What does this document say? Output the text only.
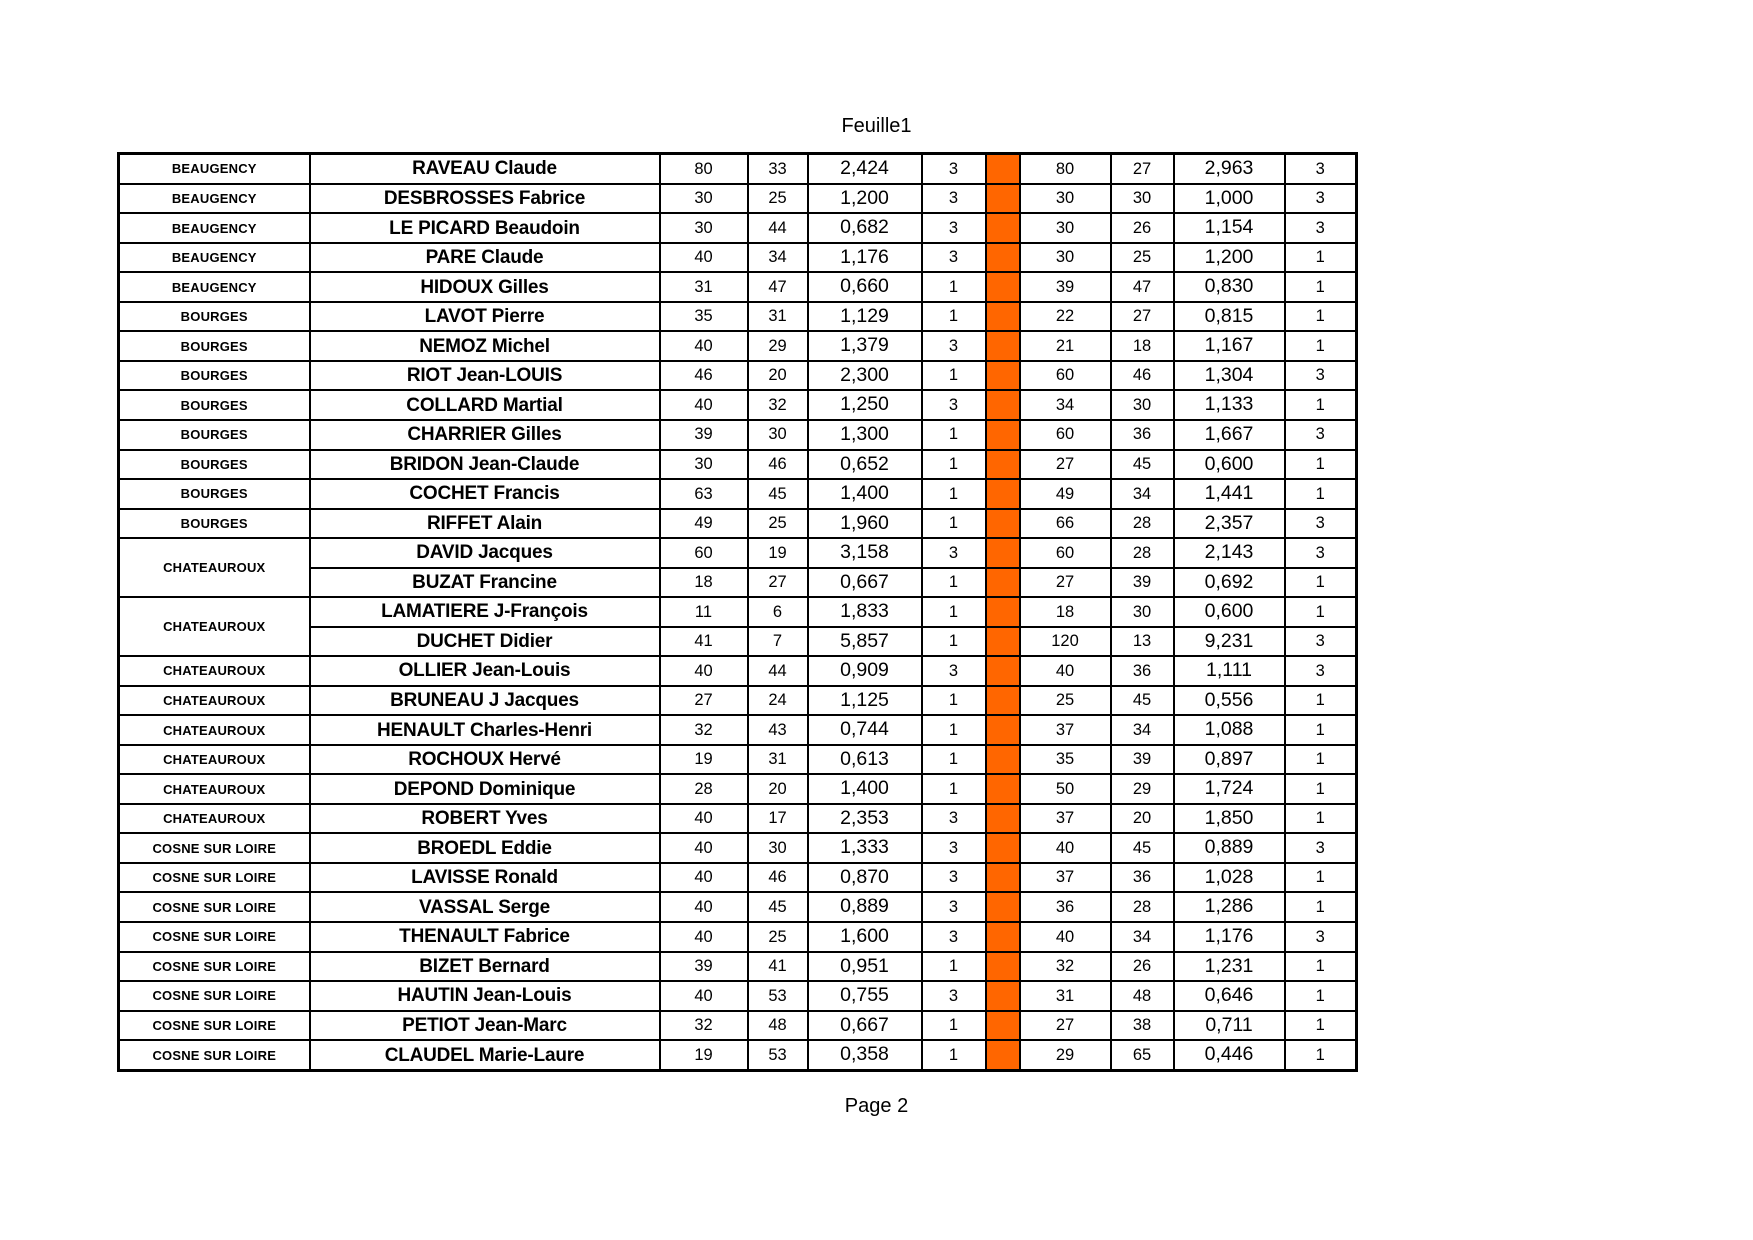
Feuille1
BEAUGENCY	RAVEAU Claude	80	33	2,424	3		80	27	2,963	3
BEAUGENCY	DESBROSSES Fabrice	30	25	1,200	3		30	30	1,000	3
BEAUGENCY	LE PICARD Beaudoin	30	44	0,682	3		30	26	1,154	3
BEAUGENCY	PARE Claude	40	34	1,176	3		30	25	1,200	1
BEAUGENCY	HIDOUX Gilles	31	47	0,660	1		39	47	0,830	1
BOURGES	LAVOT Pierre	35	31	1,129	1		22	27	0,815	1
BOURGES	NEMOZ Michel	40	29	1,379	3		21	18	1,167	1
BOURGES	RIOT Jean-LOUIS	46	20	2,300	1		60	46	1,304	3
BOURGES	COLLARD Martial	40	32	1,250	3		34	30	1,133	1
BOURGES	CHARRIER Gilles	39	30	1,300	1		60	36	1,667	3
BOURGES	BRIDON Jean-Claude	30	46	0,652	1		27	45	0,600	1
BOURGES	COCHET Francis	63	45	1,400	1		49	34	1,441	1
BOURGES	RIFFET Alain	49	25	1,960	1		66	28	2,357	3
CHATEAUROUX	DAVID Jacques	60	19	3,158	3		60	28	2,143	3
	BUZAT Francine	18	27	0,667	1		27	39	0,692	1
CHATEAUROUX	LAMATIERE J-François	11	6	1,833	1		18	30	0,600	1
	DUCHET Didier	41	7	5,857	1		120	13	9,231	3
CHATEAUROUX	OLLIER Jean-Louis	40	44	0,909	3		40	36	1,111	3
CHATEAUROUX	BRUNEAU J Jacques	27	24	1,125	1		25	45	0,556	1
CHATEAUROUX	HENAULT Charles-Henri	32	43	0,744	1		37	34	1,088	1
CHATEAUROUX	ROCHOUX Hervé	19	31	0,613	1		35	39	0,897	1
CHATEAUROUX	DEPOND Dominique	28	20	1,400	1		50	29	1,724	1
CHATEAUROUX	ROBERT Yves	40	17	2,353	3		37	20	1,850	1
COSNE SUR LOIRE	BROEDL Eddie	40	30	1,333	3		40	45	0,889	3
COSNE SUR LOIRE	LAVISSE Ronald	40	46	0,870	3		37	36	1,028	1
COSNE SUR LOIRE	VASSAL Serge	40	45	0,889	3		36	28	1,286	1
COSNE SUR LOIRE	THENAULT Fabrice	40	25	1,600	3		40	34	1,176	3
COSNE SUR LOIRE	BIZET Bernard	39	41	0,951	1		32	26	1,231	1
COSNE SUR LOIRE	HAUTIN Jean-Louis	40	53	0,755	3		31	48	0,646	1
COSNE SUR LOIRE	PETIOT Jean-Marc	32	48	0,667	1		27	38	0,711	1
COSNE SUR LOIRE	CLAUDEL Marie-Laure	19	53	0,358	1		29	65	0,446	1
Page 2
